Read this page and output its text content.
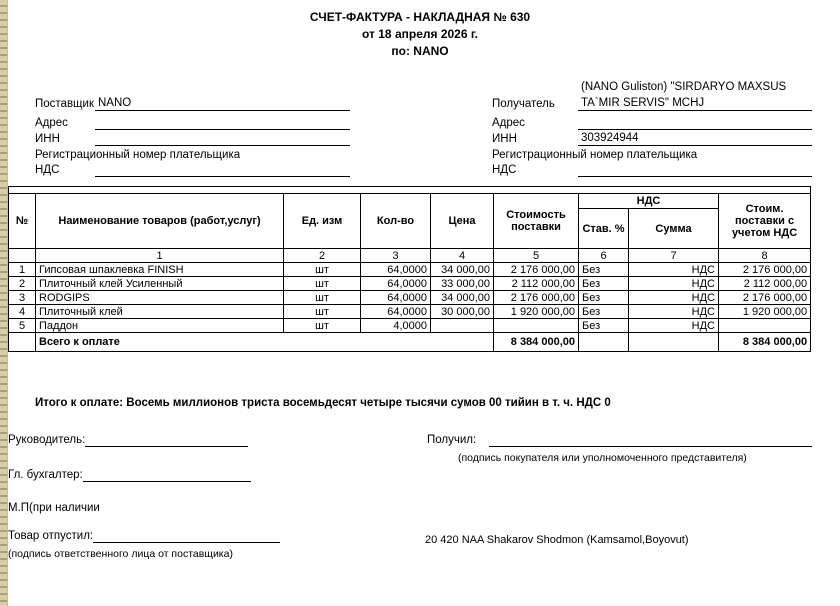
СЧЕТ-ФАКТУРА - НАКЛАДНАЯ № 630
от 18 апреля 2026 г.
по: NANO
Поставщик NANO
Адрес
ИНН
Регистрационный номер плательщика
НДС
(NANO Guliston) "SIRDARYO MAXSUS
Получатель	TA`MIR SERVIS" MCHJ
Адрес
ИНН	303924944
Регистрационный номер плательщика
НДС

№	Наименование товаров (работ,услуг)	Ед. изм	Кол-во	Цена	Стоимость поставки	НДС		Стоим. поставки с учетом НДС
						Став. %	Сумма	
	1	2	3	4	5	6	7	8
1	Гипсовая шпаклевка FINISH	шт	64,0000	34 000,00	2 176 000,00	Без	НДС	2 176 000,00
2	Плиточный клей Усиленный	шт	64,0000	33 000,00	2 112 000,00	Без	НДС	2 112 000,00
3	RODGIPS	шт	64,0000	34 000,00	2 176 000,00	Без	НДС	2 176 000,00
4	Плиточный клей	шт	64,0000	30 000,00	1 920 000,00	Без	НДС	1 920 000,00
5	Паддон	шт	4,0000			Без	НДС	
	Всего к оплате				8 384 000,00			8 384 000,00
Итого к оплате: Восемь миллионов триста восемьдесят четыре тысячи сумов 00 тийин в т. ч. НДС 0
Руководитель:	Получил:
(подпись покупателя или уполномоченного представителя)
Гл. бухгалтер:
М.П(при наличии
Товар отпустил:
(подпись ответственного лица от поставщика)
20 420 NAA Shakarov Shodmon (Kamsamol,Boyovut)
